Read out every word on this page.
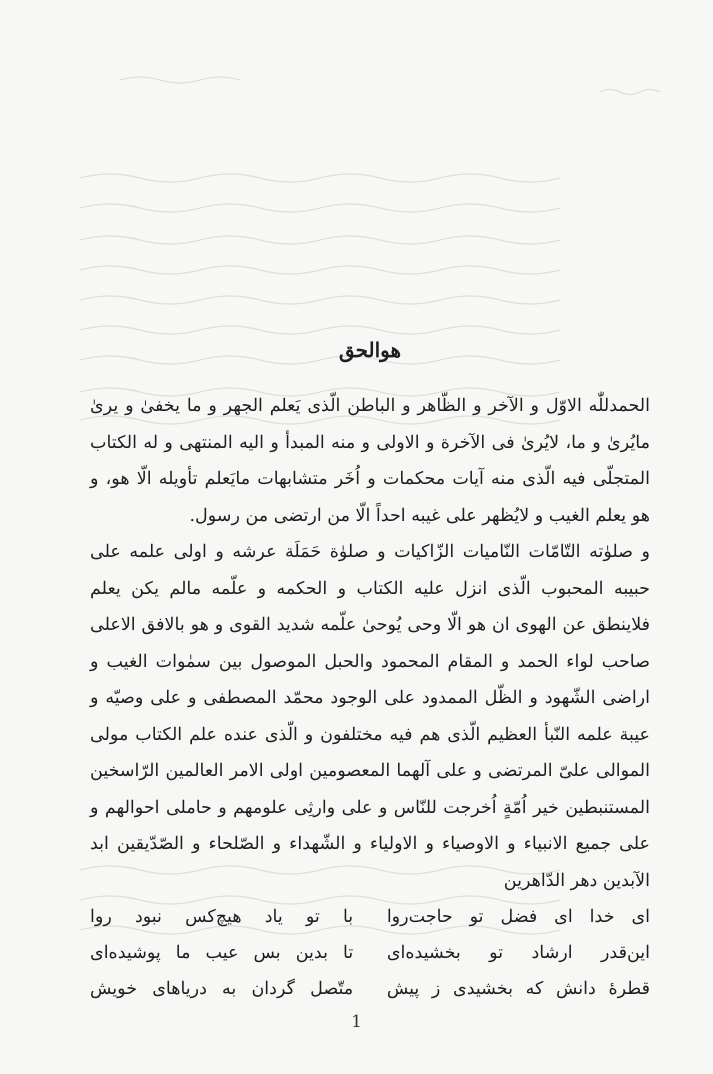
هوالحق

الحمدللّٰه الاوّل و الآخر و الظّاهر و الباطن الّذی یَعلم الجهر و ما یخفیٰ و یریٰ مایُریٰ و ما، لایُریٰ فی الآخرة و الاولی و منه المبدأ و الیه المنتهی و له الکتاب المتجلّی فیه الّذی منه آیات محکمات و اُخَر متشابهات مایَعلم تأویله الّا هو، و هو یعلم الغیب و لایُظهر علی غیبه احداً الّا من ارتضی من رسول.

و صلوٰته التّامّات النّامیات الزّاکیات و صلوٰة حَمَلَة عرشه و اولی علمه علی حبیبه المحبوب الّذی انزل علیه الکتاب و الحکمه و علّمه مالم یکن یعلم فلاینطق عن الهوی ان هو الّا وحی یُوحیٰ علّمه شدید القوی و هو بالافق الاعلی صاحب لواء الحمد و المقام المحمود والحبل الموصول بین سمٰوات الغیب و اراضی الشّهود و الظّل الممدود علی الوجود محمّد المصطفی و علی وصیّه و عیبة علمه النّبأ العظیم الّذی هم فیه مختلفون و الّذی عنده علم الکتاب مولی الموالی علیّ المرتضی و علی آلهما المعصومین اولی الامر العالمین الرّاسخین المستنبطین خیر اُمّةٍ اُخرجت للنّاس و علی وارثِی علومهم و حاملی احوالهم و علی جمیع الانبیاء و الاوصیاء و الاولیاء و الشّهداء و الصّلحاء و الصّدّیقین ابد الآبدین دهر الدّاهرین

ای خدا ای فضل تو حاجت‌روا
با تو یاد هیچ‌کس نبود روا
این‌قدر ارشاد تو بخشیده‌ای
تا بدین بس عیب ما پوشیده‌ای
قطرهٔ دانش که بخشیدی ز پیش
متّصل گردان به دریاهای خویش
1
